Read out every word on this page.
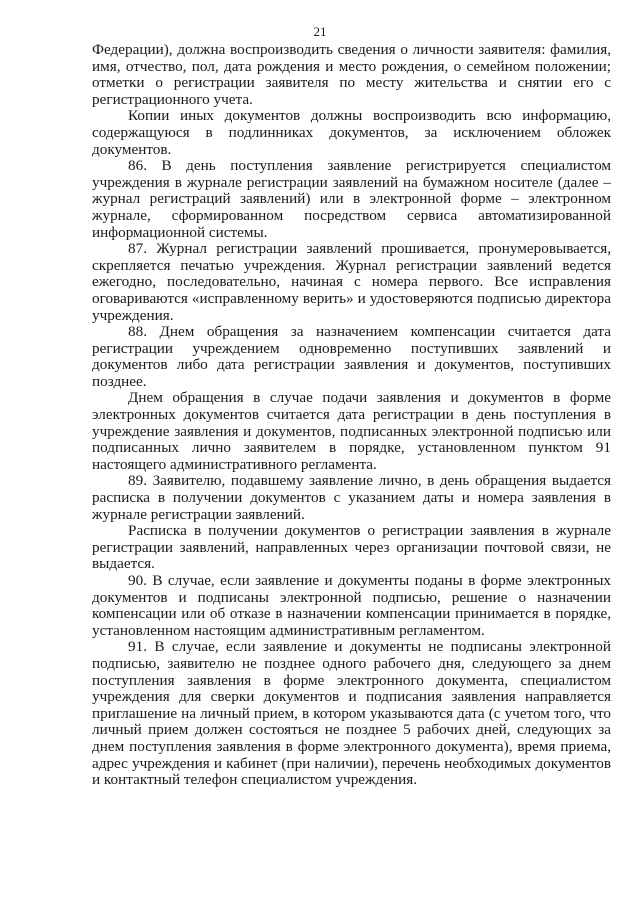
21

Федерации), должна воспроизводить сведения о личности заявителя: фамилия, имя, отчество, пол, дата рождения и место рождения, о семейном положении; отметки о регистрации заявителя по месту жительства и снятии его с регистрационного учета.

Копии иных документов должны воспроизводить всю информацию, содержащуюся в подлинниках документов, за исключением обложек документов.

86. В день поступления заявление регистрируется специалистом учреждения в журнале регистрации заявлений на бумажном носителе (далее – журнал регистраций заявлений) или в электронной форме – электронном журнале, сформированном посредством сервиса автоматизированной информационной системы.

87. Журнал регистрации заявлений прошивается, пронумеровывается, скрепляется печатью учреждения. Журнал регистрации заявлений ведется ежегодно, последовательно, начиная с номера первого. Все исправления оговариваются «исправленному верить» и удостоверяются подписью директора учреждения.

88. Днем обращения за назначением компенсации считается дата регистрации учреждением одновременно поступивших заявлений и документов либо дата регистрации заявления и документов, поступивших позднее.

Днем обращения в случае подачи заявления и документов в форме электронных документов считается дата регистрации в день поступления в учреждение заявления и документов, подписанных электронной подписью или подписанных лично заявителем в порядке, установленном пунктом 91 настоящего административного регламента.

89. Заявителю, подавшему заявление лично, в день обращения выдается расписка в получении документов с указанием даты и номера заявления в журнале регистрации заявлений.

Расписка в получении документов о регистрации заявления в журнале регистрации заявлений, направленных через организации почтовой связи, не выдается.

90. В случае, если заявление и документы поданы в форме электронных документов и подписаны электронной подписью, решение о назначении компенсации или об отказе в назначении компенсации принимается в порядке, установленном настоящим административным регламентом.

91. В случае, если заявление и документы не подписаны электронной подписью, заявителю не позднее одного рабочего дня, следующего за днем поступления заявления в форме электронного документа, специалистом учреждения для сверки документов и подписания заявления направляется приглашение на личный прием, в котором указываются дата (с учетом того, что личный прием должен состояться не позднее 5 рабочих дней, следующих за днем поступления заявления в форме электронного документа), время приема, адрес учреждения и кабинет (при наличии), перечень необходимых документов и контактный телефон специалистом учреждения.
